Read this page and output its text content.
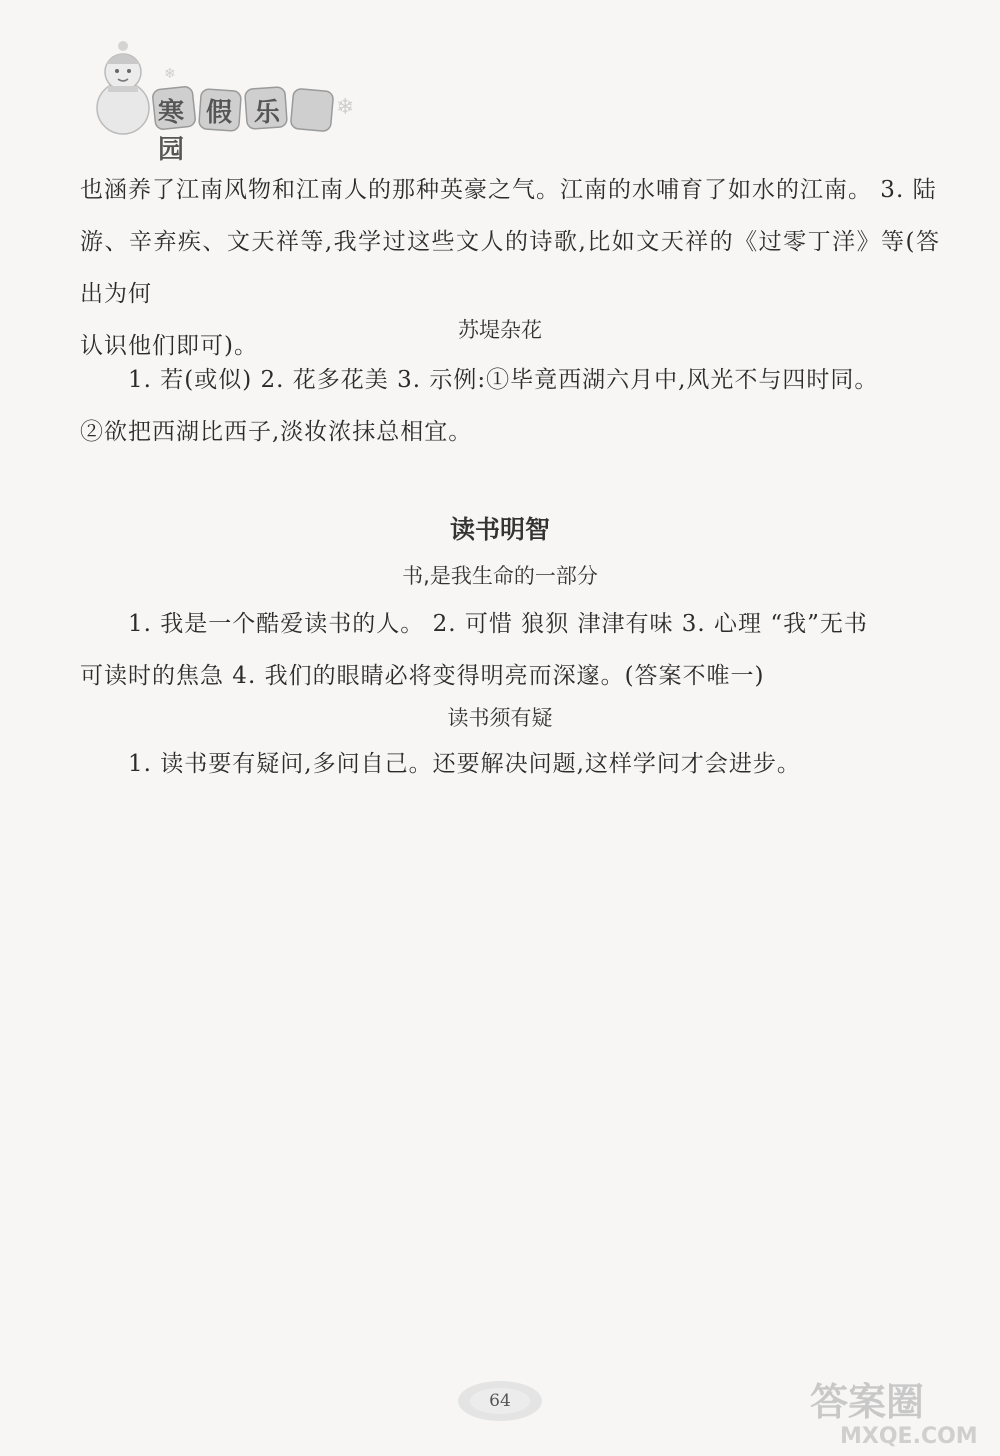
❄
❄
寒假乐园
也涵养了江南风物和江南人的那种英豪之气。江南的水哺育了如水的江南。 3. 陆
游、辛弃疾、文天祥等,我学过这些文人的诗歌,比如文天祥的《过零丁洋》等(答出为何
认识他们即可)。
苏堤杂花
1. 若(或似) 2. 花多花美 3. 示例:①毕竟西湖六月中,风光不与四时同。
②欲把西湖比西子,淡妆浓抹总相宜。
读书明智
书,是我生命的一部分
1. 我是一个酷爱读书的人。 2. 可惜 狼狈 津津有味 3. 心理 “我”无书
可读时的焦急 4. 我们的眼睛必将变得明亮而深邃。(答案不唯一)
读书须有疑
1. 读书要有疑问,多问自己。还要解决问题,这样学问才会进步。
64	答案圈
MXQE.COM
